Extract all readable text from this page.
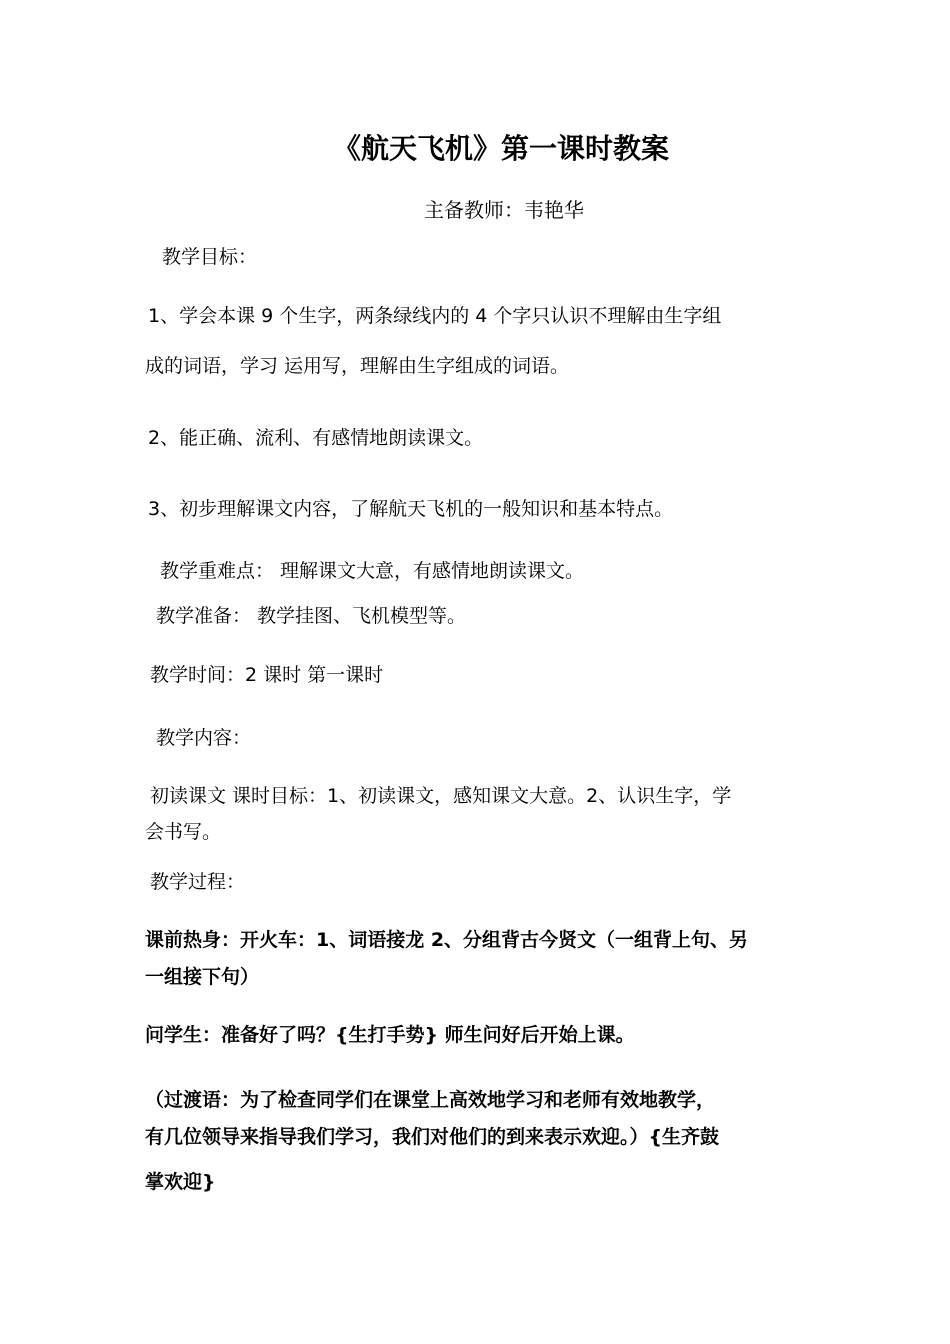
《航天飞机》第一课时教案
主备教师：韦艳华
教学目标：
1、学会本课 9 个生字，两条绿线内的 4 个字只认识不理解由生字组
成的词语，学习 运用写，理解由生字组成的词语。
2、能正确、流利、有感情地朗读课文。
3、初步理解课文内容，了解航天飞机的一般知识和基本特点。
教学重难点： 理解课文大意，有感情地朗读课文。
教学准备： 教学挂图、飞机模型等。
教学时间：2 课时 第一课时
教学内容：
初读课文 课时目标：1、初读课文，感知课文大意。2、认识生字，学
会书写。
教学过程：
课前热身：开火车：1、词语接龙 2、分组背古今贤文（一组背上句、另
一组接下句）
问学生：准备好了吗？{生打手势} 师生问好后开始上课。
（过渡语：为了检查同学们在课堂上高效地学习和老师有效地教学，
有几位领导来指导我们学习，我们对他们的到来表示欢迎。）{生齐鼓
掌欢迎}
